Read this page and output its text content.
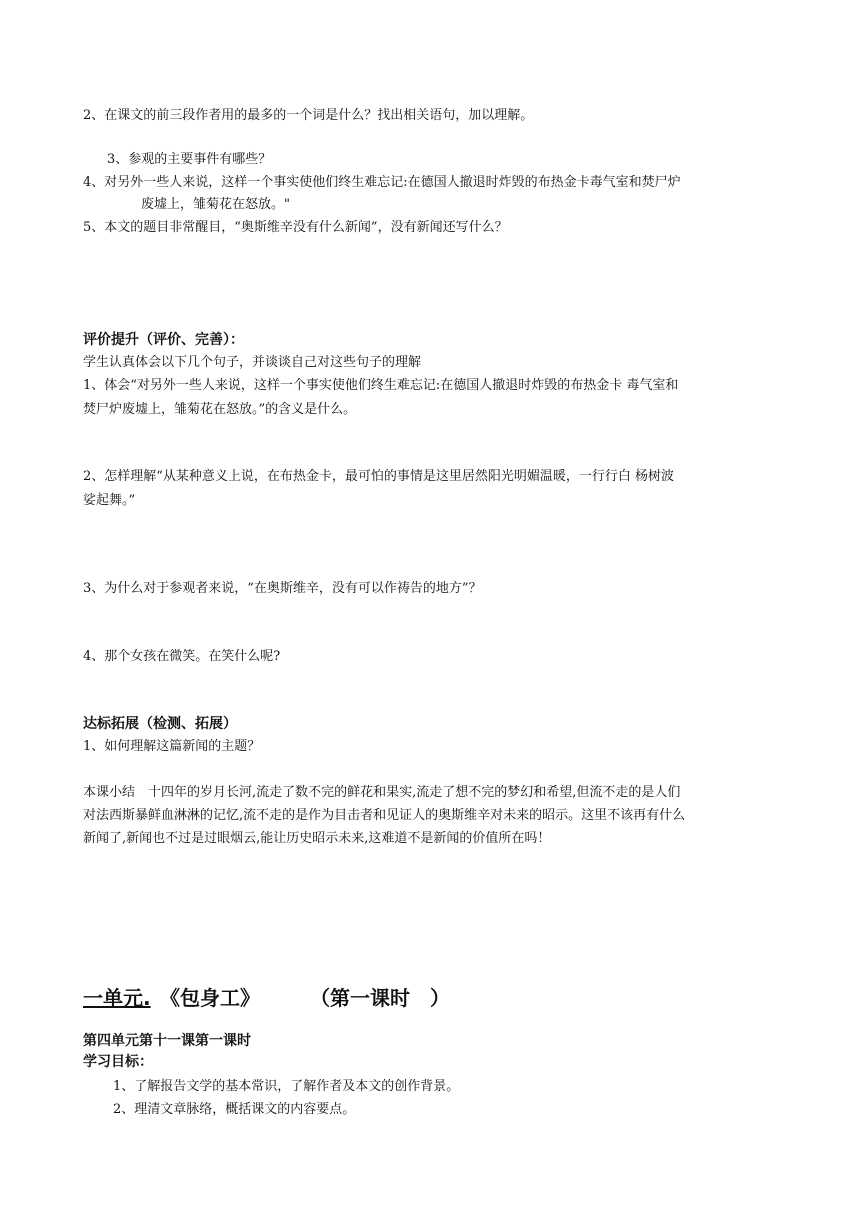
2、在课文的前三段作者用的最多的一个词是什么？找出相关语句，加以理解。
3、参观的主要事件有哪些？
4、对另外一些人来说，这样一个事实使他们终生难忘记:在德国人撤退时炸毁的布热金卡毒气室和焚尸炉
废墟上，雏菊花在怒放。"
5、本文的题目非常醒目，“奥斯维辛没有什么新闻”，没有新闻还写什么？
评价提升（评价、完善）：
学生认真体会以下几个句子，并谈谈自己对这些句子的理解
1、体会“对另外一些人来说，这样一个事实使他们终生难忘记:在德国人撤退时炸毁的布热金卡 毒气室和
焚尸炉废墟上，雏菊花在怒放。”的含义是什么。
2、怎样理解“从某种意义上说，在布热金卡，最可怕的事情是这里居然阳光明媚温暖，一行行白 杨树波
娑起舞。”
3、为什么对于参观者来说，“在奥斯维辛，没有可以作祷告的地方”？
4、那个女孩在微笑。在笑什么呢?
达标拓展（检测、拓展）
1、如何理解这篇新闻的主题？
本课小结　十四年的岁月长河,流走了数不完的鲜花和果实,流走了想不完的梦幻和希望,但流不走的是人们
对法西斯暴鲜血淋淋的记忆,流不走的是作为目击者和见证人的奥斯维辛对未来的昭示。这里不该再有什么
新闻了,新闻也不过是过眼烟云,能让历史昭示未来,这难道不是新闻的价值所在吗！
一单元. 《包身工》	（第一课时　）
第四单元第十一课第一课时
学习目标：
1、了解报告文学的基本常识，了解作者及本文的创作背景。
2、理清文章脉络，概括课文的内容要点。
